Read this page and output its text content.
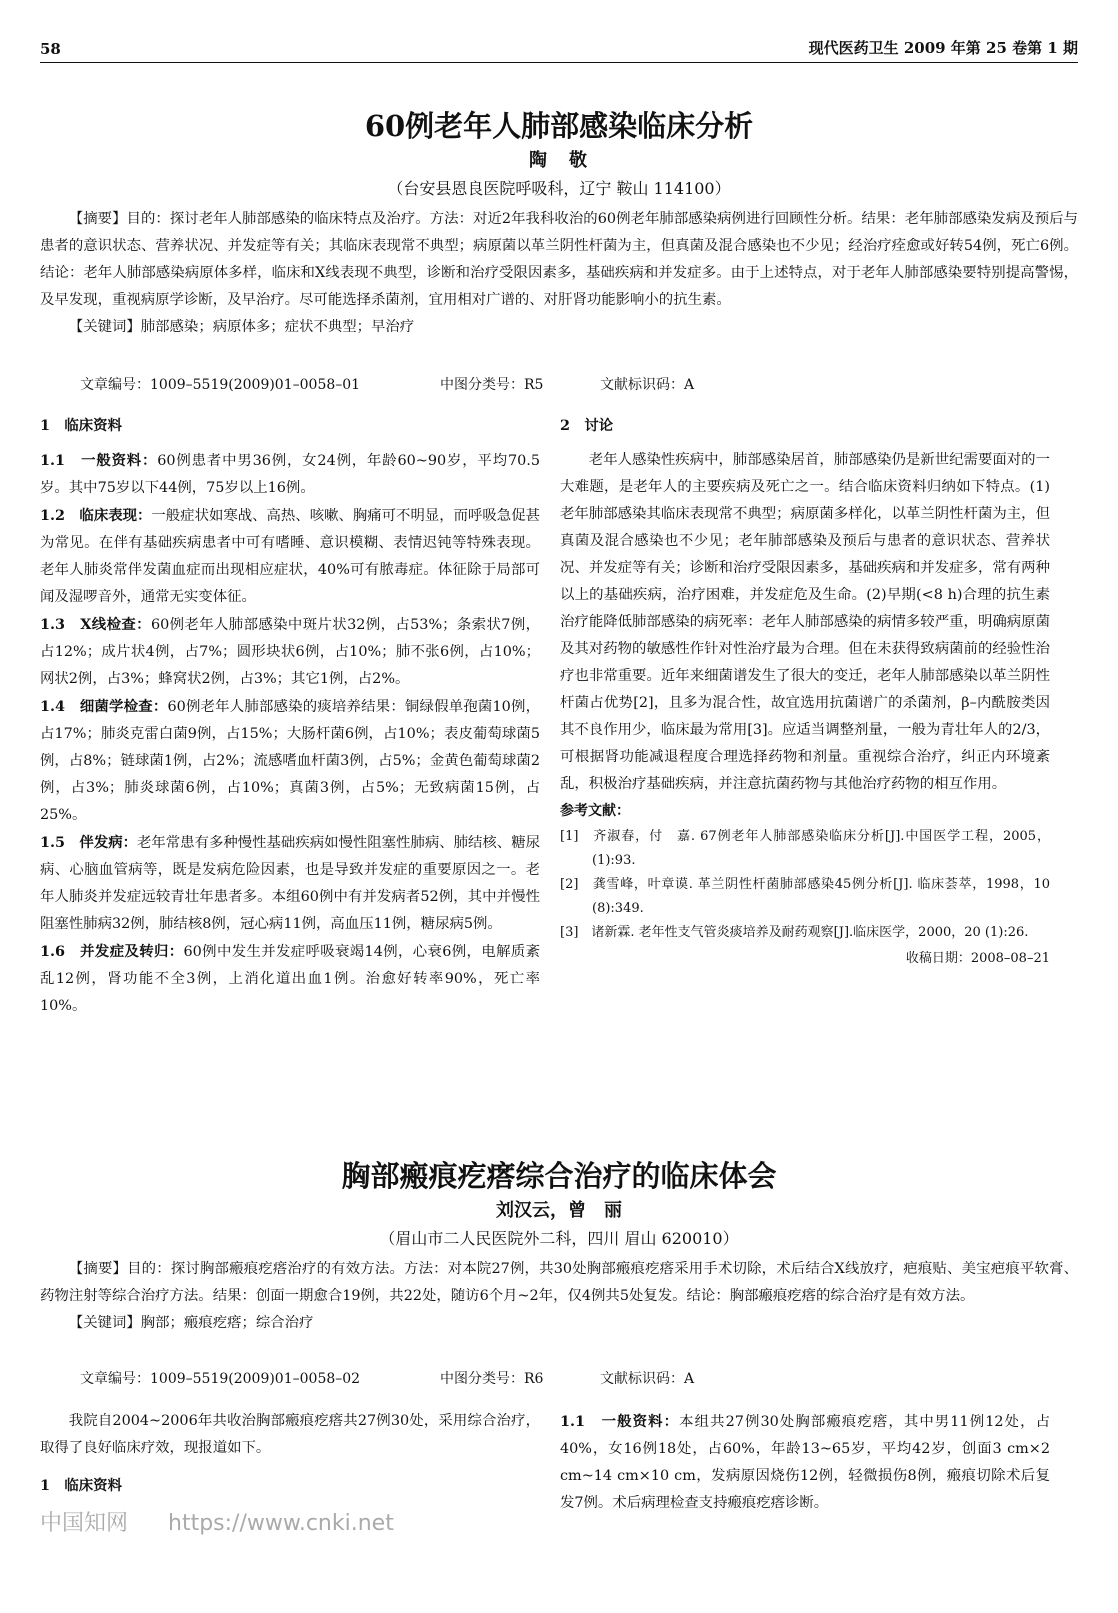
58	现代医药卫生 2009 年第 25 卷第 1 期
60例老年人肺部感染临床分析
陶　敬
（台安县恩良医院呼吸科，辽宁 鞍山 114100）

【摘要】目的：探讨老年人肺部感染的临床特点及治疗。方法：对近2年我科收治的60例老年肺部感染病例进行回顾性分析。结果：老年肺部感染发病及预后与患者的意识状态、营养状况、并发症等有关；其临床表现常不典型；病原菌以革兰阴性杆菌为主，但真菌及混合感染也不少见；经治疗痊愈或好转54例，死亡6例。结论：老年人肺部感染病原体多样，临床和X线表现不典型，诊断和治疗受限因素多，基础疾病和并发症多。由于上述特点，对于老年人肺部感染要特别提高警惕，及早发现，重视病原学诊断，及早治疗。尽可能选择杀菌剂，宜用相对广谱的、对肝肾功能影响小的抗生素。

【关键词】肺部感染；病原体多；症状不典型；早治疗

文章编号：1009–5519(2009)01–0058–01	中图分类号：R5	文献标识码：A

1　临床资料

1.1　一般资料：60例患者中男36例，女24例，年龄60~90岁，平均70.5岁。其中75岁以下44例，75岁以上16例。

1.2　临床表现：一般症状如寒战、高热、咳嗽、胸痛可不明显，而呼吸急促甚为常见。在伴有基础疾病患者中可有嗜睡、意识模糊、表情迟钝等特殊表现。老年人肺炎常伴发菌血症而出现相应症状，40%可有脓毒症。体征除于局部可闻及湿啰音外，通常无实变体征。

1.3　X线检查：60例老年人肺部感染中斑片状32例，占53%；条索状7例，占12%；成片状4例，占7%；圆形块状6例，占10%；肺不张6例，占10%；网状2例，占3%；蜂窝状2例，占3%；其它1例，占2%。

1.4　细菌学检查：60例老年人肺部感染的痰培养结果：铜绿假单孢菌10例，占17%；肺炎克雷白菌9例，占15%；大肠杆菌6例，占10%；表皮葡萄球菌5例，占8%；链球菌1例，占2%；流感嗜血杆菌3例，占5%；金黄色葡萄球菌2例，占3%；肺炎球菌6例，占10%；真菌3例，占5%；无致病菌15例，占25%。

1.5　伴发病：老年常患有多种慢性基础疾病如慢性阻塞性肺病、肺结核、糖尿病、心脑血管病等，既是发病危险因素，也是导致并发症的重要原因之一。老年人肺炎并发症远较青壮年患者多。本组60例中有并发病者52例，其中并慢性阻塞性肺病32例，肺结核8例，冠心病11例，高血压11例，糖尿病5例。

1.6　并发症及转归：60例中发生并发症呼吸衰竭14例，心衰6例，电解质紊乱12例，肾功能不全3例，上消化道出血1例。治愈好转率90%，死亡率10%。

2　讨论

老年人感染性疾病中，肺部感染居首，肺部感染仍是新世纪需要面对的一大难题，是老年人的主要疾病及死亡之一。结合临床资料归纳如下特点。(1) 老年肺部感染其临床表现常不典型；病原菌多样化，以革兰阴性杆菌为主，但真菌及混合感染也不少见；老年肺部感染及预后与患者的意识状态、营养状况、并发症等有关；诊断和治疗受限因素多，基础疾病和并发症多，常有两种以上的基础疾病，治疗困难，并发症危及生命。(2)早期(<8 h)合理的抗生素治疗能降低肺部感染的病死率：老年人肺部感染的病情多较严重，明确病原菌及其对药物的敏感性作针对性治疗最为合理。但在未获得致病菌前的经验性治疗也非常重要。近年来细菌谱发生了很大的变迁，老年人肺部感染以革兰阴性杆菌占优势[2]，且多为混合性，故宜选用抗菌谱广的杀菌剂，β–内酰胺类因其不良作用少，临床最为常用[3]。应适当调整剂量，一般为青壮年人的2/3，可根据肾功能减退程度合理选择药物和剂量。重视综合治疗，纠正内环境紊乱，积极治疗基础疾病，并注意抗菌药物与其他治疗药物的相互作用。

参考文献：

[1]　齐淑春，付　嘉. 67例老年人肺部感染临床分析[J].中国医学工程，2005，(1):93.

[2]　龚雪峰，叶章谟. 革兰阴性杆菌肺部感染45例分析[J]. 临床荟萃，1998，10 (8):349.

[3]　诸新霖. 老年性支气管炎痰培养及耐药观察[J].临床医学，2000，20 (1):26.

收稿日期：2008–08–21

胸部瘢痕疙瘩综合治疗的临床体会
刘汉云，曾　丽
（眉山市二人民医院外二科，四川 眉山 620010）

【摘要】目的：探讨胸部瘢痕疙瘩治疗的有效方法。方法：对本院27例，共30处胸部瘢痕疙瘩采用手术切除，术后结合X线放疗，疤痕贴、美宝疤痕平软膏、药物注射等综合治疗方法。结果：创面一期愈合19例，共22处，随访6个月~2年，仅4例共5处复发。结论：胸部瘢痕疙瘩的综合治疗是有效方法。

【关键词】胸部；瘢痕疙瘩；综合治疗

文章编号：1009–5519(2009)01–0058–02	中图分类号：R6	文献标识码：A

我院自2004~2006年共收治胸部瘢痕疙瘩共27例30处，采用综合治疗，取得了良好临床疗效，现报道如下。

1　临床资料

1.1　一般资料：本组共27例30处胸部瘢痕疙瘩，其中男11例12处，占40%，女16例18处，占60%，年龄13~65岁，平均42岁，创面3 cm×2 cm~14 cm×10 cm，发病原因烧伤12例，轻微损伤8例，瘢痕切除术后复发7例。术后病理检查支持瘢痕疙瘩诊断。

中国知网 https://www.cnki.net
